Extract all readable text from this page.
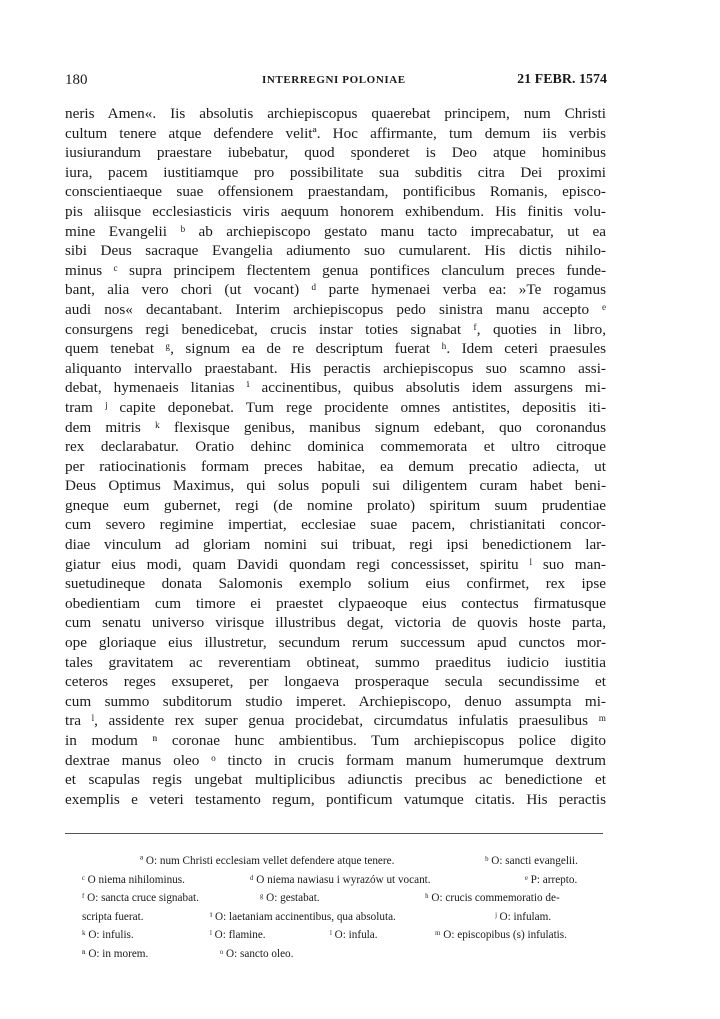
180	INTERREGNI POLONIAE	21 FEBR. 1574
neris Amen«. Iis absolutis archiepiscopus quaerebat principem, num Christi
cultum tenere atque defendere velitª. Hoc affirmante, tum demum iis verbis
iusiurandum praestare iubebatur, quod sponderet is Deo atque hominibus
iura, pacem iustitiamque pro possibilitate sua subditis citra Dei proximi
conscientiaeque suae offensionem praestandam, pontificibus Romanis, episco-
pis aliisque ecclesiasticis viris aequum honorem exhibendum. His finitis volu-
mine Evangelii ᵇ ab archiepiscopo gestato manu tacto imprecabatur, ut ea
sibi Deus sacraque Evangelia adiumento suo cumularent. His dictis nihilo-
minus ᶜ supra principem flectentem genua pontifices clanculum preces funde-
bant, alia vero chori (ut vocant) ᵈ parte hymenaei verba ea: »Te rogamus
audi nos« decantabant. Interim archiepiscopus pedo sinistra manu accepto ᵉ
consurgens regi benedicebat, crucis instar toties signabat ᶠ, quoties in libro,
quem tenebat ᵍ, signum ea de re descriptum fuerat ʰ. Idem ceteri praesules
aliquanto intervallo praestabant. His peractis archiepiscopus suo scamno assi-
debat, hymenaeis litanias ⁱ accinentibus, quibus absolutis idem assurgens mi-
tram ʲ capite deponebat. Tum rege procidente omnes antistites, depositis iti-
dem mitris ᵏ flexisque genibus, manibus signum edebant, quo coronandus
rex declarabatur. Oratio dehinc dominica commemorata et ultro citroque
per ratiocinationis formam preces habitae, ea demum precatio adiecta, ut
Deus Optimus Maximus, qui solus populi sui diligentem curam habet beni-
gneque eum gubernet, regi (de nomine prolato) spiritum suum prudentiae
cum severo regimine impertiat, ecclesiae suae pacem, christianitati concor-
diae vinculum ad gloriam nomini sui tribuat, regi ipsi benedictionem lar-
giatur eius modi, quam Davidi quondam regi concessisset, spiritu ˡ suo man-
suetudineque donata Salomonis exemplo solium eius confirmet, rex ipse
obedientiam cum timore ei praestet clypaeoque eius contectus firmatusque
cum senatu universo virisque illustribus degat, victoria de quovis hoste parta,
ope gloriaque eius illustretur, secundum rerum successum apud cunctos mor-
tales gravitatem ac reverentiam obtineat, summo praeditus iudicio iustitia
ceteros reges exsuperet, per longaeva prosperaque secula secundissime et
cum summo subditorum studio imperet. Archiepiscopo, denuo assumpta mi-
tra ˡ, assidente rex super genua procidebat, circumdatus infulatis praesulibus ᵐ
in modum ⁿ coronae hunc ambientibus. Tum archiepiscopus police digito
dextrae manus oleo ᵒ tincto in crucis formam manum humerumque dextrum
et scapulas regis ungebat multiplicibus adiunctis precibus ac benedictione et
exemplis e veteri testamento regum, pontificum vatumque citatis. His peractis
ª O: num Christi ecclesiam vellet defendere atque tenere.	ᵇ O: sancti evangelii.
ᶜ O niema nihilominus.	ᵈ O niema nawiasu i wyrazów ut vocant.	ᵉ P: arrepto.
ᶠ O: sancta cruce signabat.	ᵍ O: gestabat.	ʰ O: crucis commemoratio de-
scripta fuerat.	ⁱ O: laetaniam accinentibus, qua absoluta.	ʲ O: infulam.
ᵏ O: infulis.	ˡ O: flamine.	ˡ O: infula.	ᵐ O: episcopibus (s) infulatis.
ⁿ O: in morem.	ᵒ O: sancto oleo.
